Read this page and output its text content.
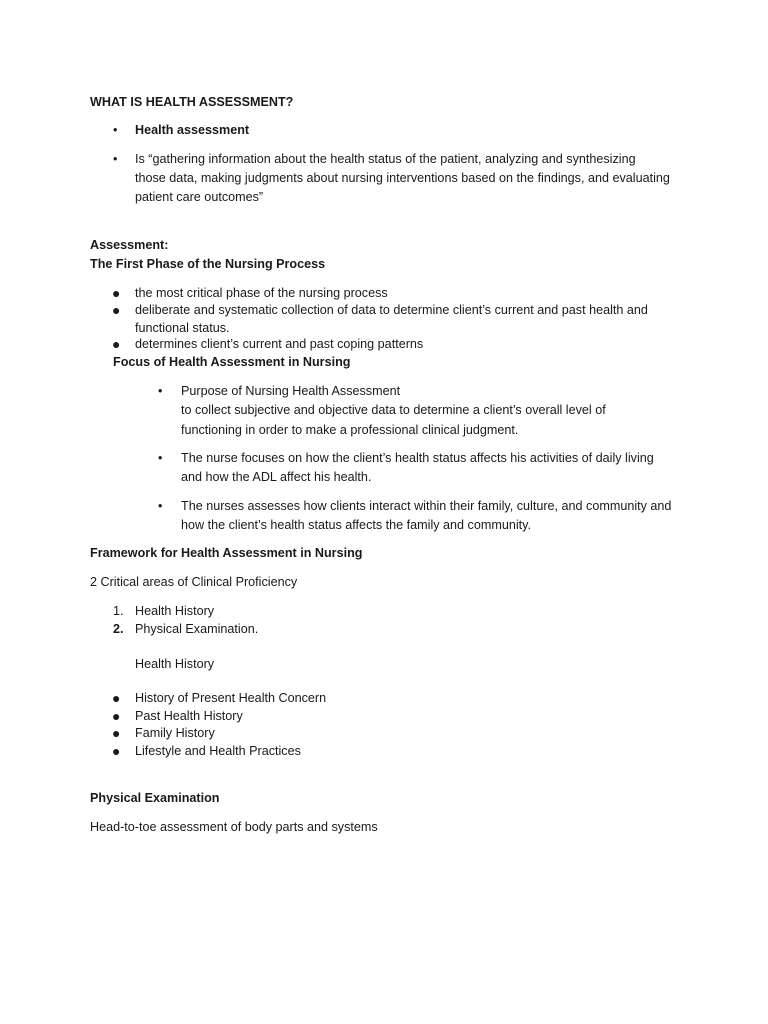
WHAT IS HEALTH ASSESSMENT?

• Health assessment
• Is “gathering information about the health status of the patient, analyzing and synthesizing
those data, making judgments about nursing interventions based on the findings, and evaluating
patient care outcomes”

Assessment:

The First Phase of the Nursing Process

● the most critical phase of the nursing process
● deliberate and systematic collection of data to determine client’s current and past health and
functional status.
● determines client’s current and past coping patterns

Focus of Health Assessment in Nursing

• Purpose of Nursing Health Assessment
to collect subjective and objective data to determine a client’s overall level of
functioning in order to make a professional clinical judgment.
• The nurse focuses on how the client’s health status affects his activities of daily living
and how the ADL affect his health.
• The nurses assesses how clients interact within their family, culture, and community and
how the client’s health status affects the family and community.

Framework for Health Assessment in Nursing

2 Critical areas of Clinical Proficiency

1. Health History
2. Physical Examination.

Health History

● History of Present Health Concern
● Past Health History
● Family History
● Lifestyle and Health Practices

Physical Examination

Head-to-toe assessment of body parts and systems
